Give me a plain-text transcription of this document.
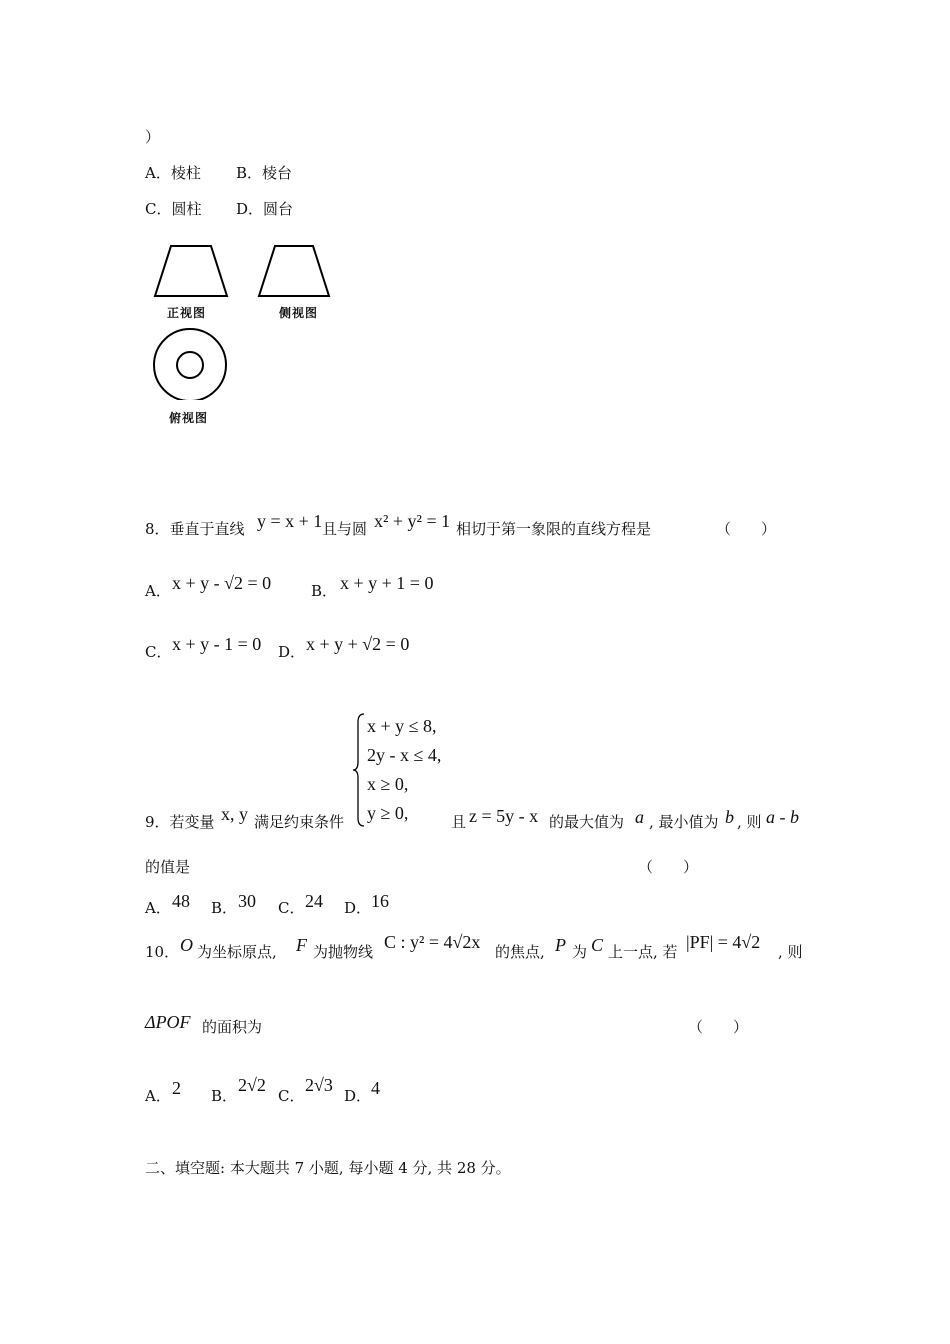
）
A．棱柱 B．棱台
C．圆柱 D．圆台
正视图	侧视图
俯视图
8．垂直于直线 y = x + 1 且与圆 x² + y² = 1 相切于第一象限的直线方程是	（　　）
A． x + y - √2 = 0	B． x + y + 1 = 0
C． x + y - 1 = 0 D． x + y + √2 = 0
x + y ≤ 8,
2y - x ≤ 4,
x ≥ 0,
y ≥ 0,
9．若变量 x, y 满足约束条件	且 z = 5y - x 的最大值为 a , 最小值为 b , 则 a - b
的值是	（　　）
A． 48 B． 30 C． 24 D． 16
10． O 为坐标原点, F 为抛物线 C : y² = 4√2x 的焦点, P 为 C 上一点, 若 |PF| = 4√2 , 则
ΔPOF 的面积为	（　　）
A． 2 B．
2√2
C．
2√3
D． 4
二、填空题: 本大题共 7 小题, 每小题 4 分, 共 28 分。
